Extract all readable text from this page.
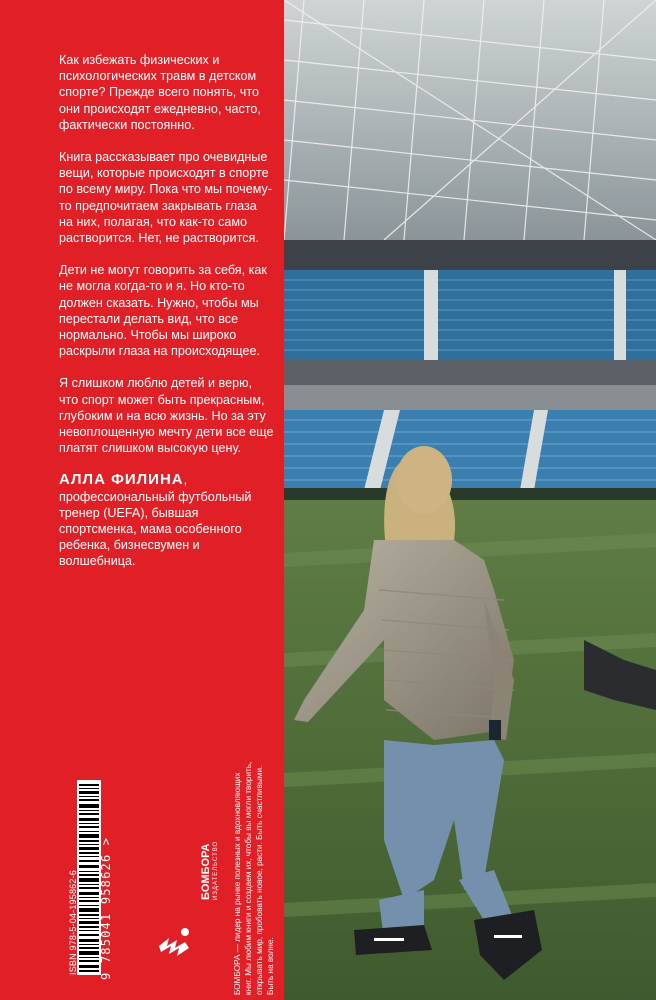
Как избежать физических и психологических травм в детском спорте? Прежде всего понять, что они происходят ежедневно, часто, фактически постоянно.

Книга рассказывает про очевидные вещи, которые происходят в спорте по всему миру. Пока что мы почему-то предпочитаем закрывать глаза на них, полагая, что как-то само растворится. Нет, не растворится.

Дети не могут говорить за себя, как не могла когда-то и я. Но кто-то должен сказать. Нужно, чтобы мы перестали делать вид, что все нормально. Чтобы мы широко раскрыли глаза на происходящее.

Я слишком люблю детей и верю, что спорт может быть прекрасным, глубоким и на всю жизнь. Но за эту невоплощенную мечту дети все еще платят слишком высокую цену.

АЛЛА ФИЛИНА,
профессиональный футбольный тренер (UEFA), бывшая спортсменка, мама особенного ребенка, бизнесвумен и волшебница.
ISBN 978-5-04-195862-6 9 785041 958626 >	БОМБОРА ИЗДАТЕЛЬСТВО БОМБОРА — лидер на рынке полезных и вдохновляющих книг. Мы любим книги и создаем их, чтобы вы могли творить, открывать мир, пробовать новое, расти. Быть счастливыми. Быть на волне.
